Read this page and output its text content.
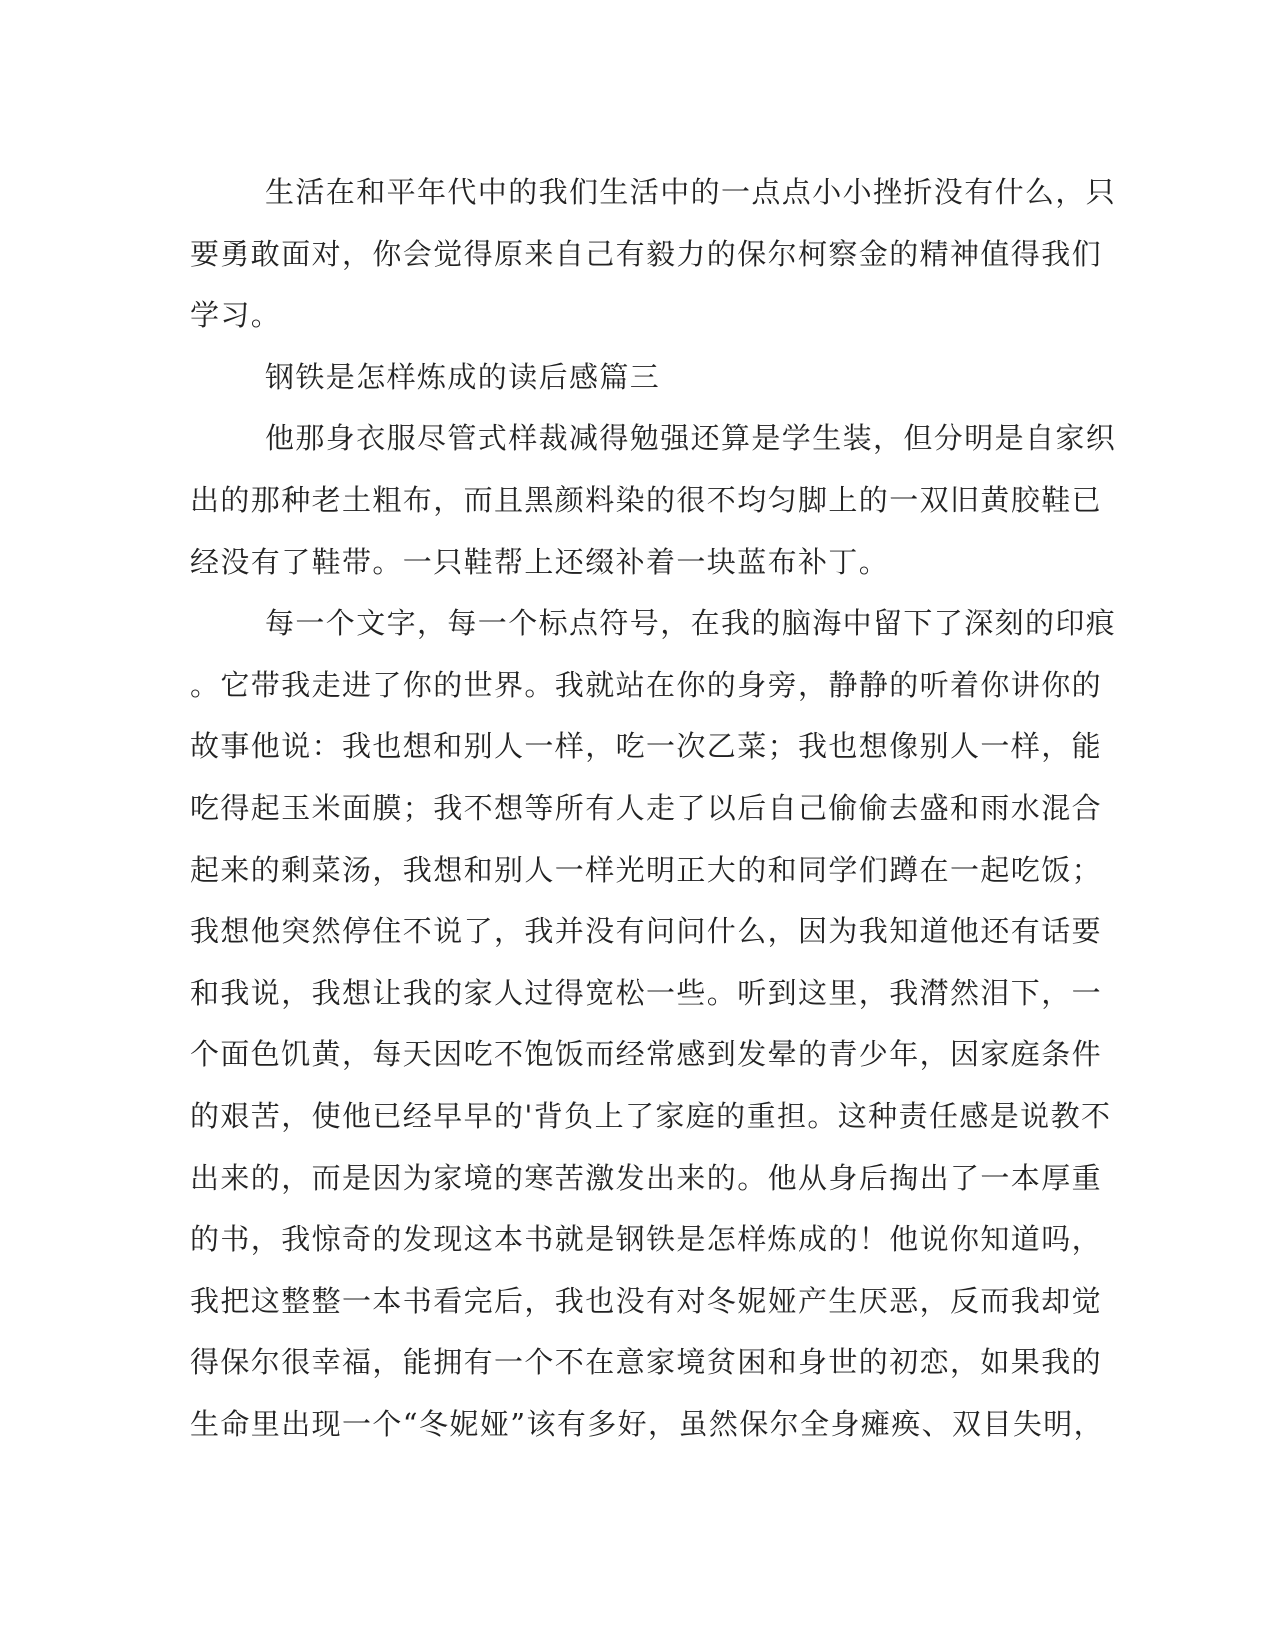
生活在和平年代中的我们生活中的一点点小小挫折没有什么，只
要勇敢面对，你会觉得原来自己有毅力的保尔柯察金的精神值得我们
学习。
钢铁是怎样炼成的读后感篇三
他那身衣服尽管式样裁减得勉强还算是学生装，但分明是自家织
出的那种老土粗布，而且黑颜料染的很不均匀脚上的一双旧黄胶鞋已
经没有了鞋带。一只鞋帮上还缀补着一块蓝布补丁。
每一个文字，每一个标点符号，在我的脑海中留下了深刻的印痕
。它带我走进了你的世界。我就站在你的身旁，静静的听着你讲你的
故事他说：我也想和别人一样，吃一次乙菜；我也想像别人一样，能
吃得起玉米面膜；我不想等所有人走了以后自己偷偷去盛和雨水混合
起来的剩菜汤，我想和别人一样光明正大的和同学们蹲在一起吃饭；
我想他突然停住不说了，我并没有问问什么，因为我知道他还有话要
和我说，我想让我的家人过得宽松一些。听到这里，我潸然泪下，一
个面色饥黄，每天因吃不饱饭而经常感到发晕的青少年，因家庭条件
的艰苦，使他已经早早的'背负上了家庭的重担。这种责任感是说教不
出来的，而是因为家境的寒苦激发出来的。他从身后掏出了一本厚重
的书，我惊奇的发现这本书就是钢铁是怎样炼成的！他说你知道吗，
我把这整整一本书看完后，我也没有对冬妮娅产生厌恶，反而我却觉
得保尔很幸福，能拥有一个不在意家境贫困和身世的初恋，如果我的
生命里出现一个“冬妮娅”该有多好，虽然保尔全身瘫痪、双目失明，
